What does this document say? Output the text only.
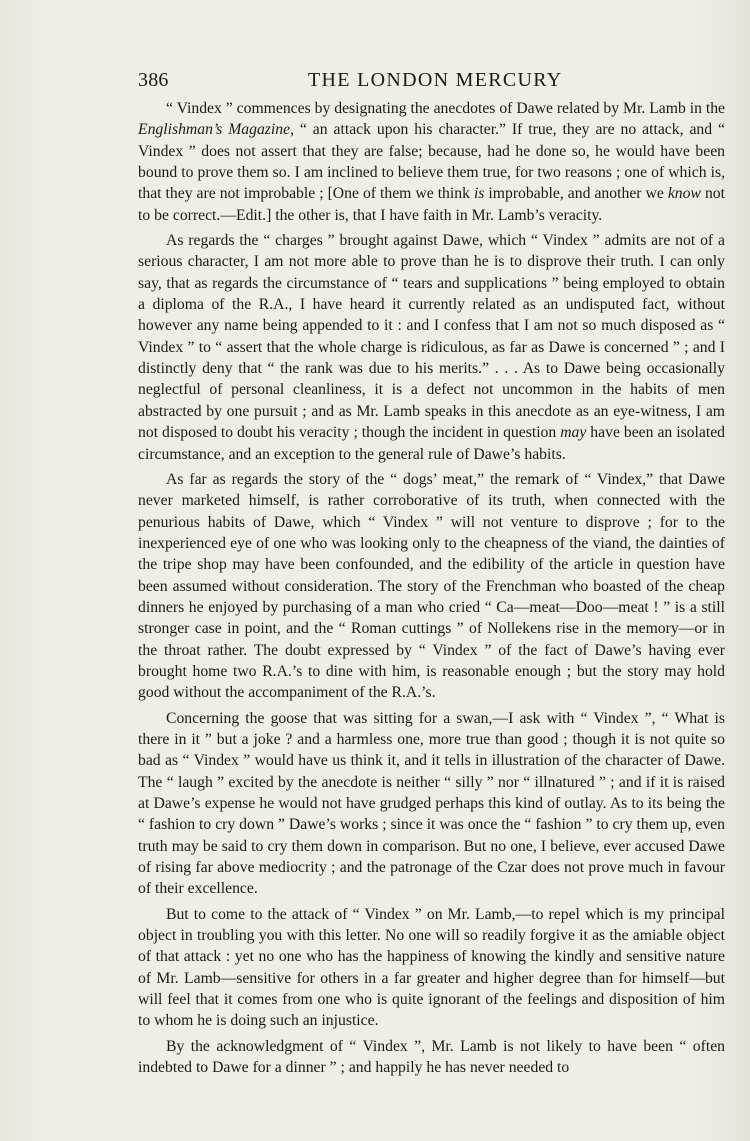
386	THE LONDON MERCURY

“ Vindex ” commences by designating the anecdotes of Dawe related by Mr. Lamb in the Englishman’s Magazine, “ an attack upon his character.” If true, they are no attack, and “ Vindex ” does not assert that they are false; because, had he done so, he would have been bound to prove them so. I am inclined to believe them true, for two reasons ; one of which is, that they are not improbable ; [One of them we think is improbable, and another we know not to be correct.—Edit.] the other is, that I have faith in Mr. Lamb’s veracity.

As regards the “ charges ” brought against Dawe, which “ Vindex ” admits are not of a serious character, I am not more able to prove than he is to disprove their truth. I can only say, that as regards the circumstance of “ tears and supplications ” being employed to obtain a diploma of the R.A., I have heard it currently related as an undisputed fact, without however any name being appended to it : and I confess that I am not so much disposed as “ Vindex ” to “ assert that the whole charge is ridiculous, as far as Dawe is concerned ” ; and I distinctly deny that “ the rank was due to his merits.” . . . As to Dawe being occasionally neglectful of personal cleanliness, it is a defect not uncommon in the habits of men abstracted by one pursuit ; and as Mr. Lamb speaks in this anecdote as an eye-witness, I am not disposed to doubt his veracity ; though the incident in question may have been an isolated circumstance, and an exception to the general rule of Dawe’s habits.

As far as regards the story of the “ dogs’ meat,” the remark of “ Vindex,” that Dawe never marketed himself, is rather corroborative of its truth, when connected with the penurious habits of Dawe, which “ Vindex ” will not venture to disprove ; for to the inexperienced eye of one who was looking only to the cheapness of the viand, the dainties of the tripe shop may have been confounded, and the edibility of the article in question have been assumed without consideration. The story of the Frenchman who boasted of the cheap dinners he enjoyed by purchasing of a man who cried “ Ca—meat—Doo—meat ! ” is a still stronger case in point, and the “ Roman cuttings ” of Nollekens rise in the memory—or in the throat rather. The doubt expressed by “ Vindex ” of the fact of Dawe’s having ever brought home two R.A.’s to dine with him, is reasonable enough ; but the story may hold good without the accompaniment of the R.A.’s.

Concerning the goose that was sitting for a swan,—I ask with “ Vindex ”, “ What is there in it ” but a joke ? and a harmless one, more true than good ; though it is not quite so bad as “ Vindex ” would have us think it, and it tells in illustration of the character of Dawe. The “ laugh ” excited by the anecdote is neither “ silly ” nor “ illnatured ” ; and if it is raised at Dawe’s expense he would not have grudged perhaps this kind of outlay. As to its being the “ fashion to cry down ” Dawe’s works ; since it was once the “ fashion ” to cry them up, even truth may be said to cry them down in comparison. But no one, I believe, ever accused Dawe of rising far above mediocrity ; and the patronage of the Czar does not prove much in favour of their excellence.

But to come to the attack of “ Vindex ” on Mr. Lamb,—to repel which is my principal object in troubling you with this letter. No one will so readily forgive it as the amiable object of that attack : yet no one who has the happiness of knowing the kindly and sensitive nature of Mr. Lamb—sensitive for others in a far greater and higher degree than for himself—but will feel that it comes from one who is quite ignorant of the feelings and disposition of him to whom he is doing such an injustice.

By the acknowledgment of “ Vindex ”, Mr. Lamb is not likely to have been “ often indebted to Dawe for a dinner ” ; and happily he has never needed to
